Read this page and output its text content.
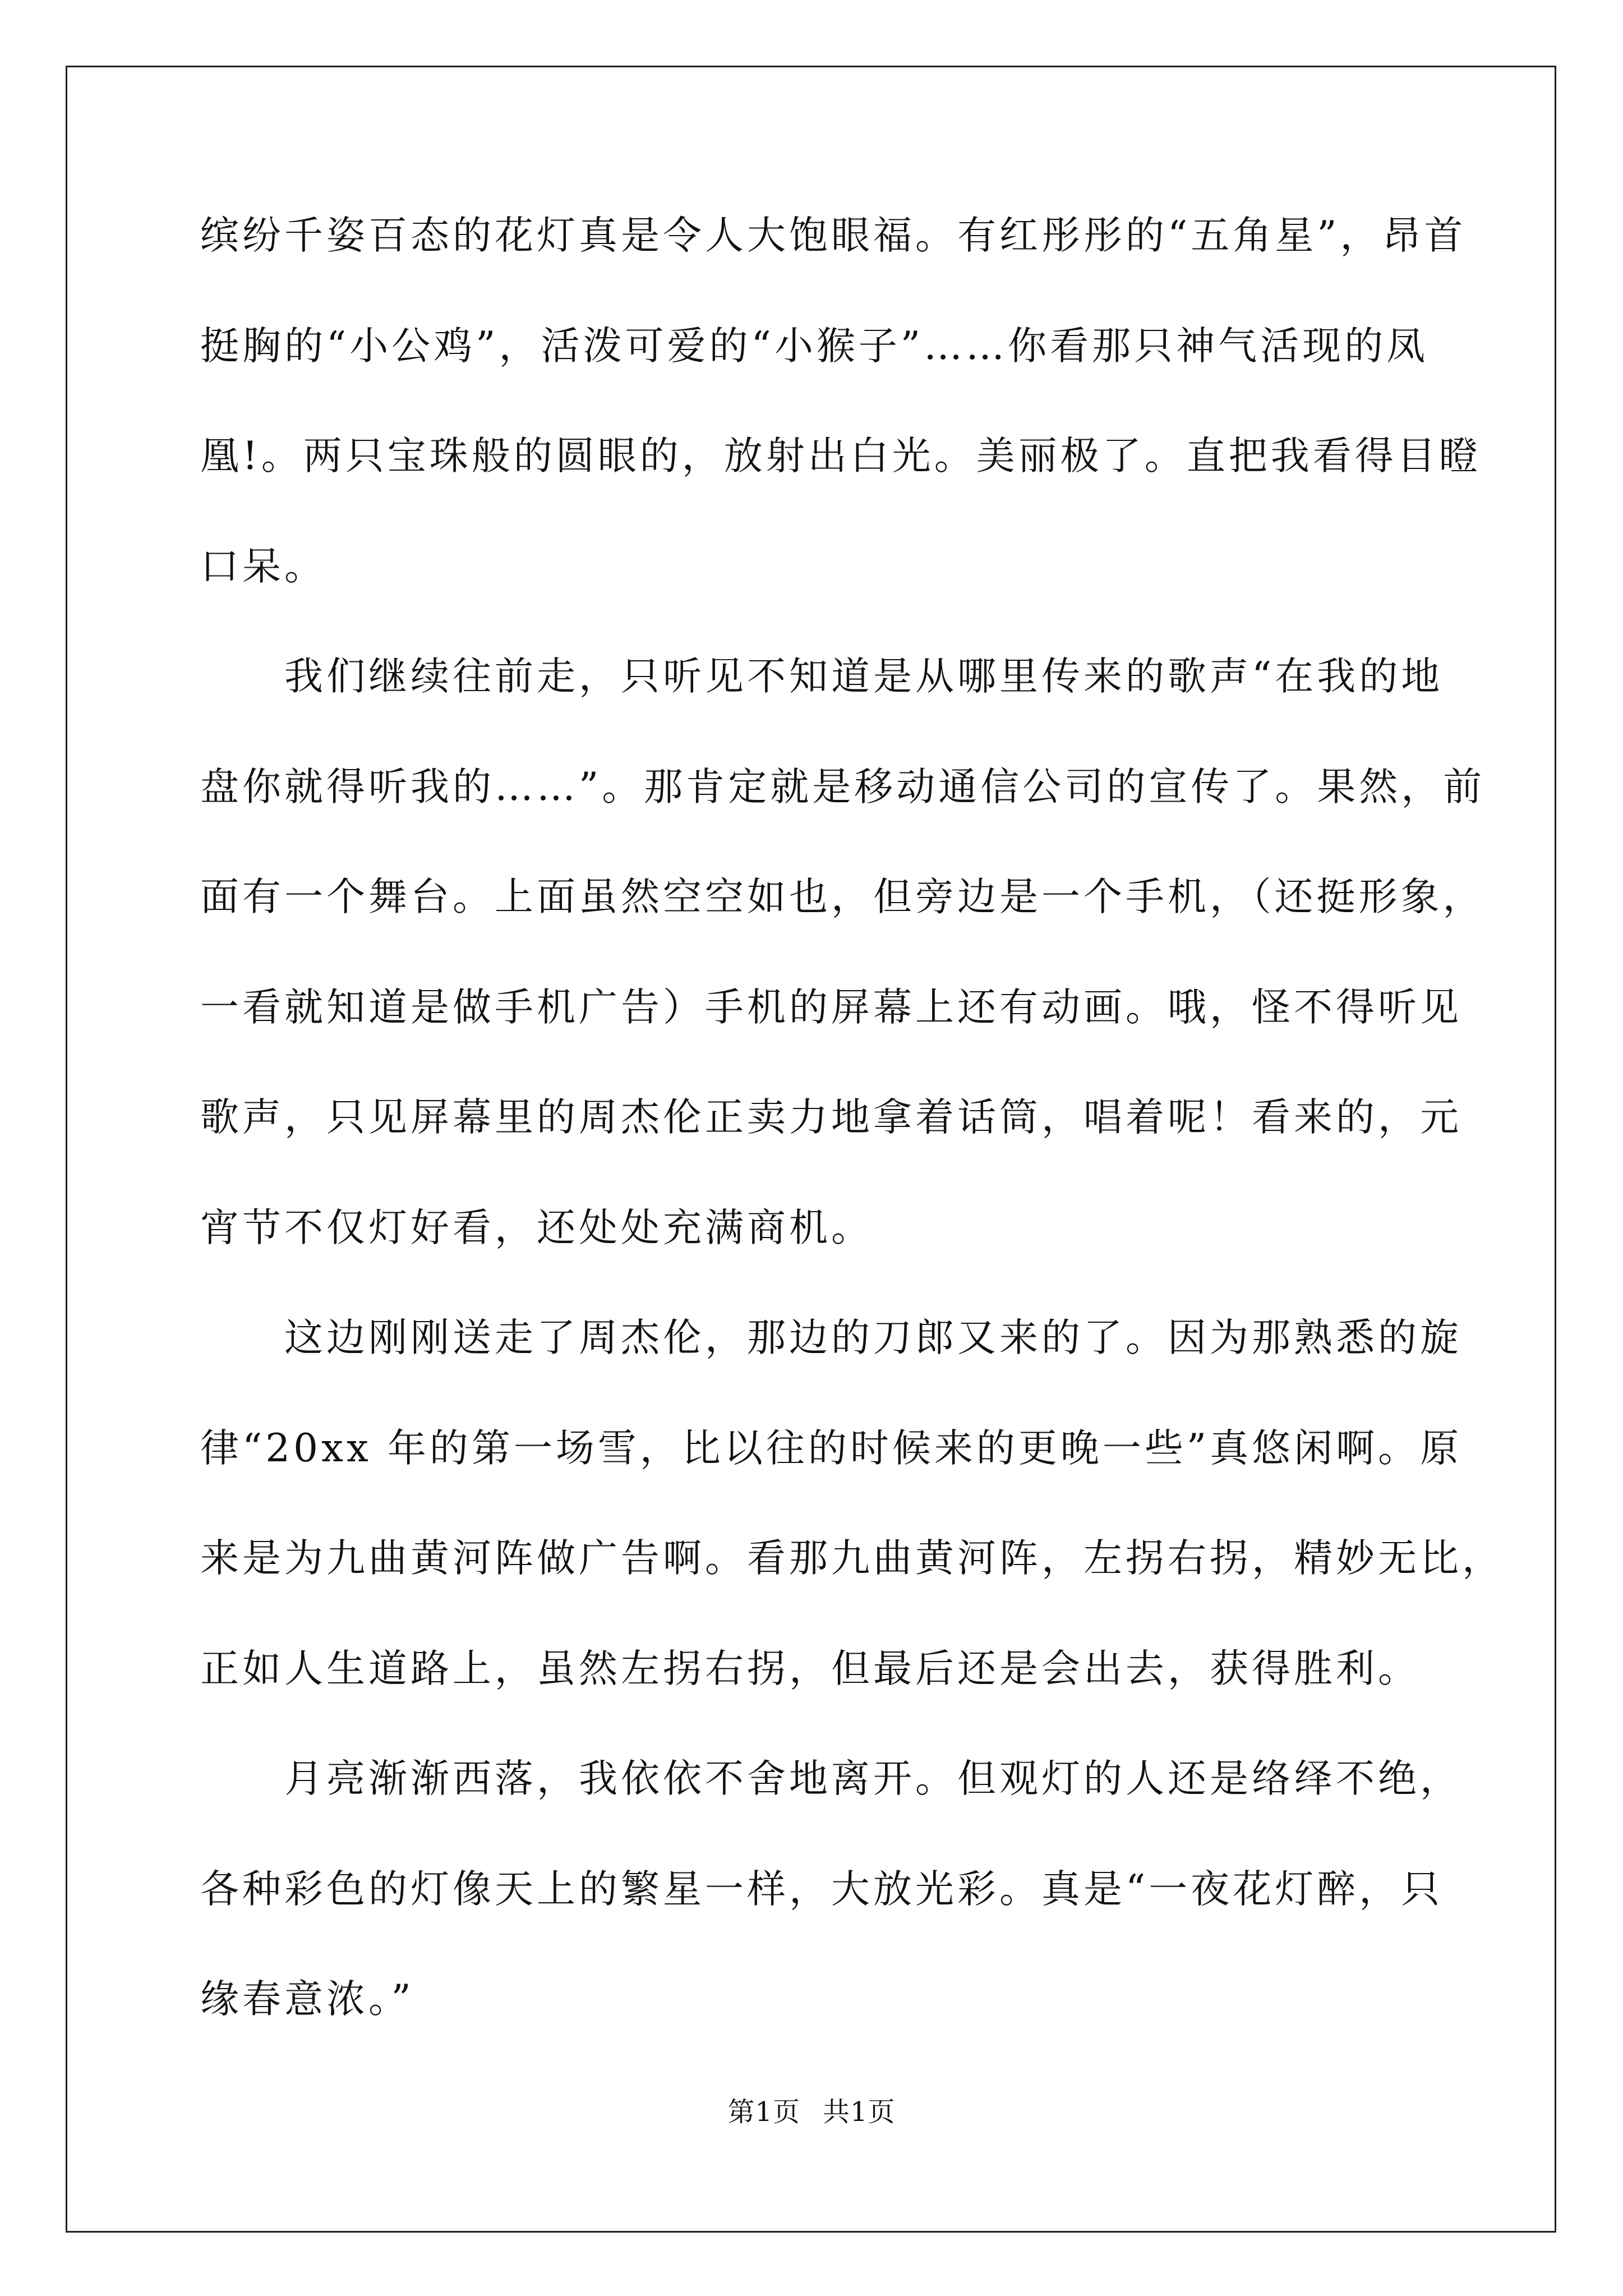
缤纷千姿百态的花灯真是令人大饱眼福。有红彤彤的“五角星”，昂首
挺胸的“小公鸡”，活泼可爱的“小猴子”……你看那只神气活现的凤
凰!。两只宝珠般的圆眼的，放射出白光。美丽极了。直把我看得目瞪
口呆。
　　我们继续往前走，只听见不知道是从哪里传来的歌声“在我的地
盘你就得听我的……”。那肯定就是移动通信公司的宣传了。果然，前
面有一个舞台。上面虽然空空如也，但旁边是一个手机，（还挺形象，
一看就知道是做手机广告）手机的屏幕上还有动画。哦，怪不得听见
歌声，只见屏幕里的周杰伦正卖力地拿着话筒，唱着呢！看来的，元
宵节不仅灯好看，还处处充满商机。
　　这边刚刚送走了周杰伦，那边的刀郎又来的了。因为那熟悉的旋
律“20xx 年的第一场雪，比以往的时候来的更晚一些”真悠闲啊。原
来是为九曲黄河阵做广告啊。看那九曲黄河阵，左拐右拐，精妙无比，
正如人生道路上，虽然左拐右拐，但最后还是会出去，获得胜利。
　　月亮渐渐西落，我依依不舍地离开。但观灯的人还是络绎不绝，
各种彩色的灯像天上的繁星一样，大放光彩。真是“一夜花灯醉，只
缘春意浓。”
第1页 共1页
